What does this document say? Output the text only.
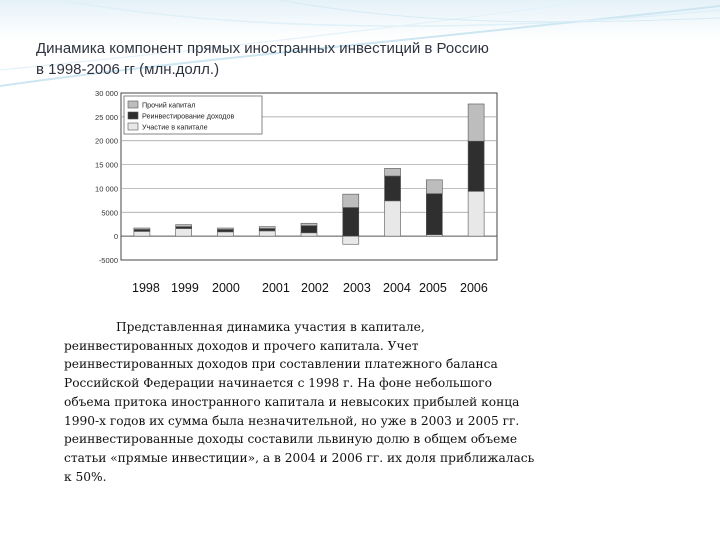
Динамика компонент прямых иностранных инвестиций в Россию
в 1998-2006 гг (млн.долл.)
30 000
25 000
20 000
15 000
10 000
5000
0
-5000
Прочий капитал
Реинвестирование доходов
Участие в капитале
1998 1999 2000 2001 2002 2003 2004 2005 2006
Представленная динамика участия в капитале,
реинвестированных доходов и прочего капитала. Учет
реинвестированных доходов при составлении платежного баланса
Российской Федерации начинается с 1998 г. На фоне небольшого
объема притока иностранного капитала и невысоких прибылей конца
1990-х годов их сумма была незначительной, но уже в 2003 и 2005 гг.
реинвестированные доходы составили львиную долю в общем объеме
статьи «прямые инвестиции», а в 2004 и 2006 гг. их доля приближалась
к 50%.
